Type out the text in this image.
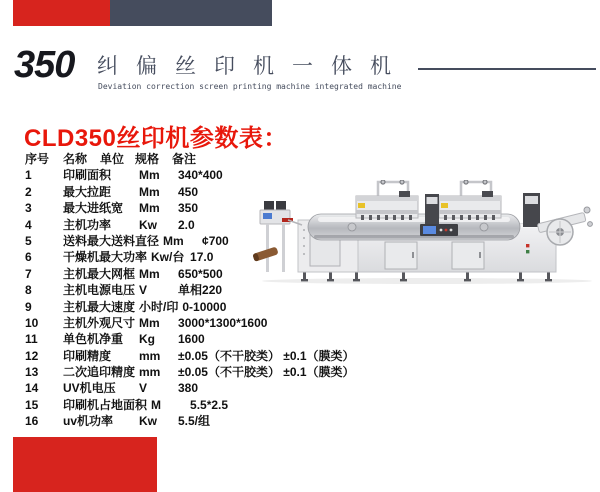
350 纠偏丝印机一体机
Deviation correction screen printing machine integrated machine
CLD350丝印机参数表：
序号	名称	单位 规格	备注
1	印刷面积	Mm	340*400
2	最大拉距	Mm	450
3	最大进纸宽	Mm	350
4	主机功率	Kw	2.0
5	送料最大送料直径 Mm	¢700
6	干燥机最大功率 Kw/台 17.0
7	主机最大网框 Mm	650*500
8	主机电源电压 V	单相220
9	主机最大速度 小时/印 0-10000
10	主机外观尺寸 Mm	3000*1300*1600
11	单色机净重	Kg	1600
12	印刷精度	mm	±0.05（不干胶类） ±0.1（膜类）
13	二次追印精度 mm	±0.05（不干胶类） ±0.1（膜类）
14	UV机电压	V	380
15	印刷机占地面积 M	5.5*2.5
16	uv机功率	Kw	5.5/组
